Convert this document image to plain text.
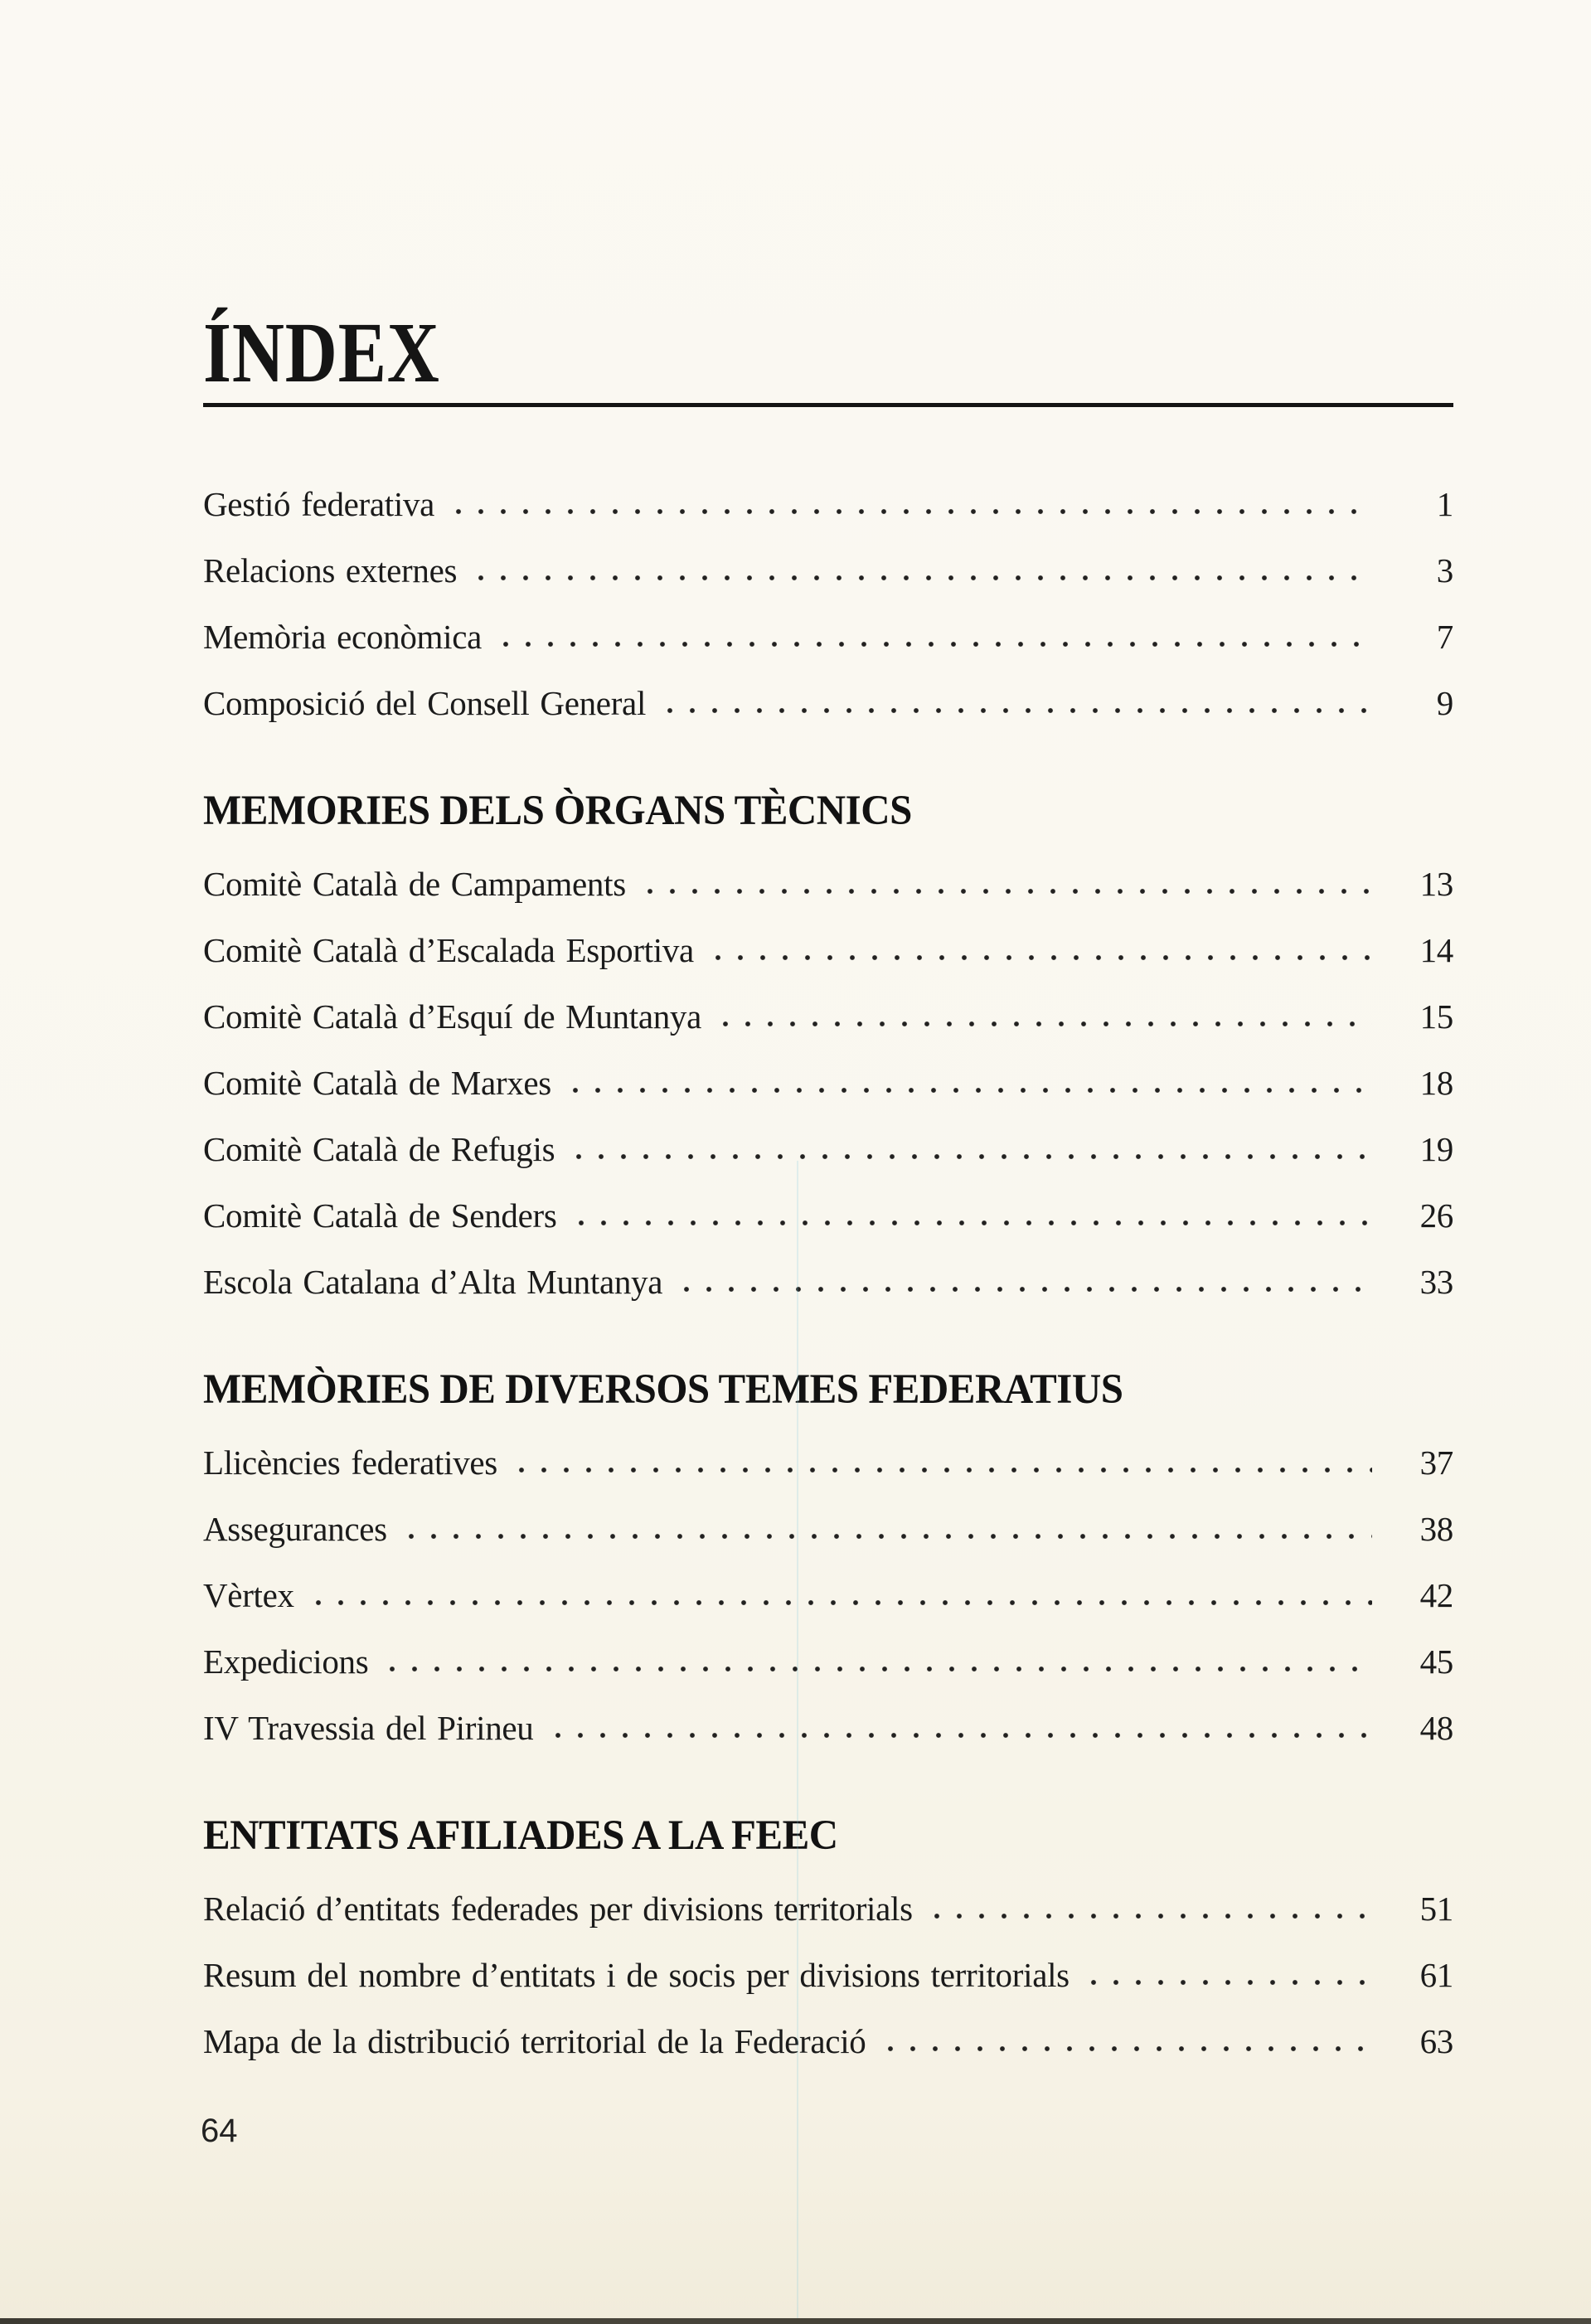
ÍNDEX
Gestió federativa	1
Relacions externes	3
Memòria econòmica	7
Composició del Consell General	9
MEMORIES DELS ÒRGANS TÈCNICS
Comitè Català de Campaments	13
Comitè Català d’Escalada Esportiva	14
Comitè Català d’Esquí de Muntanya	15
Comitè Català de Marxes	18
Comitè Català de Refugis	19
Comitè Català de Senders	26
Escola Catalana d’Alta Muntanya	33
MEMÒRIES DE DIVERSOS TEMES FEDERATIUS
Llicències federatives	37
Assegurances	38
Vèrtex	42
Expedicions	45
IV Travessia del Pirineu	48
ENTITATS AFILIADES A LA FEEC
Relació d’entitats federades per divisions territorials	51
Resum del nombre d’entitats i de socis per divisions territorials	61
Mapa de la distribució territorial de la Federació	63
64
